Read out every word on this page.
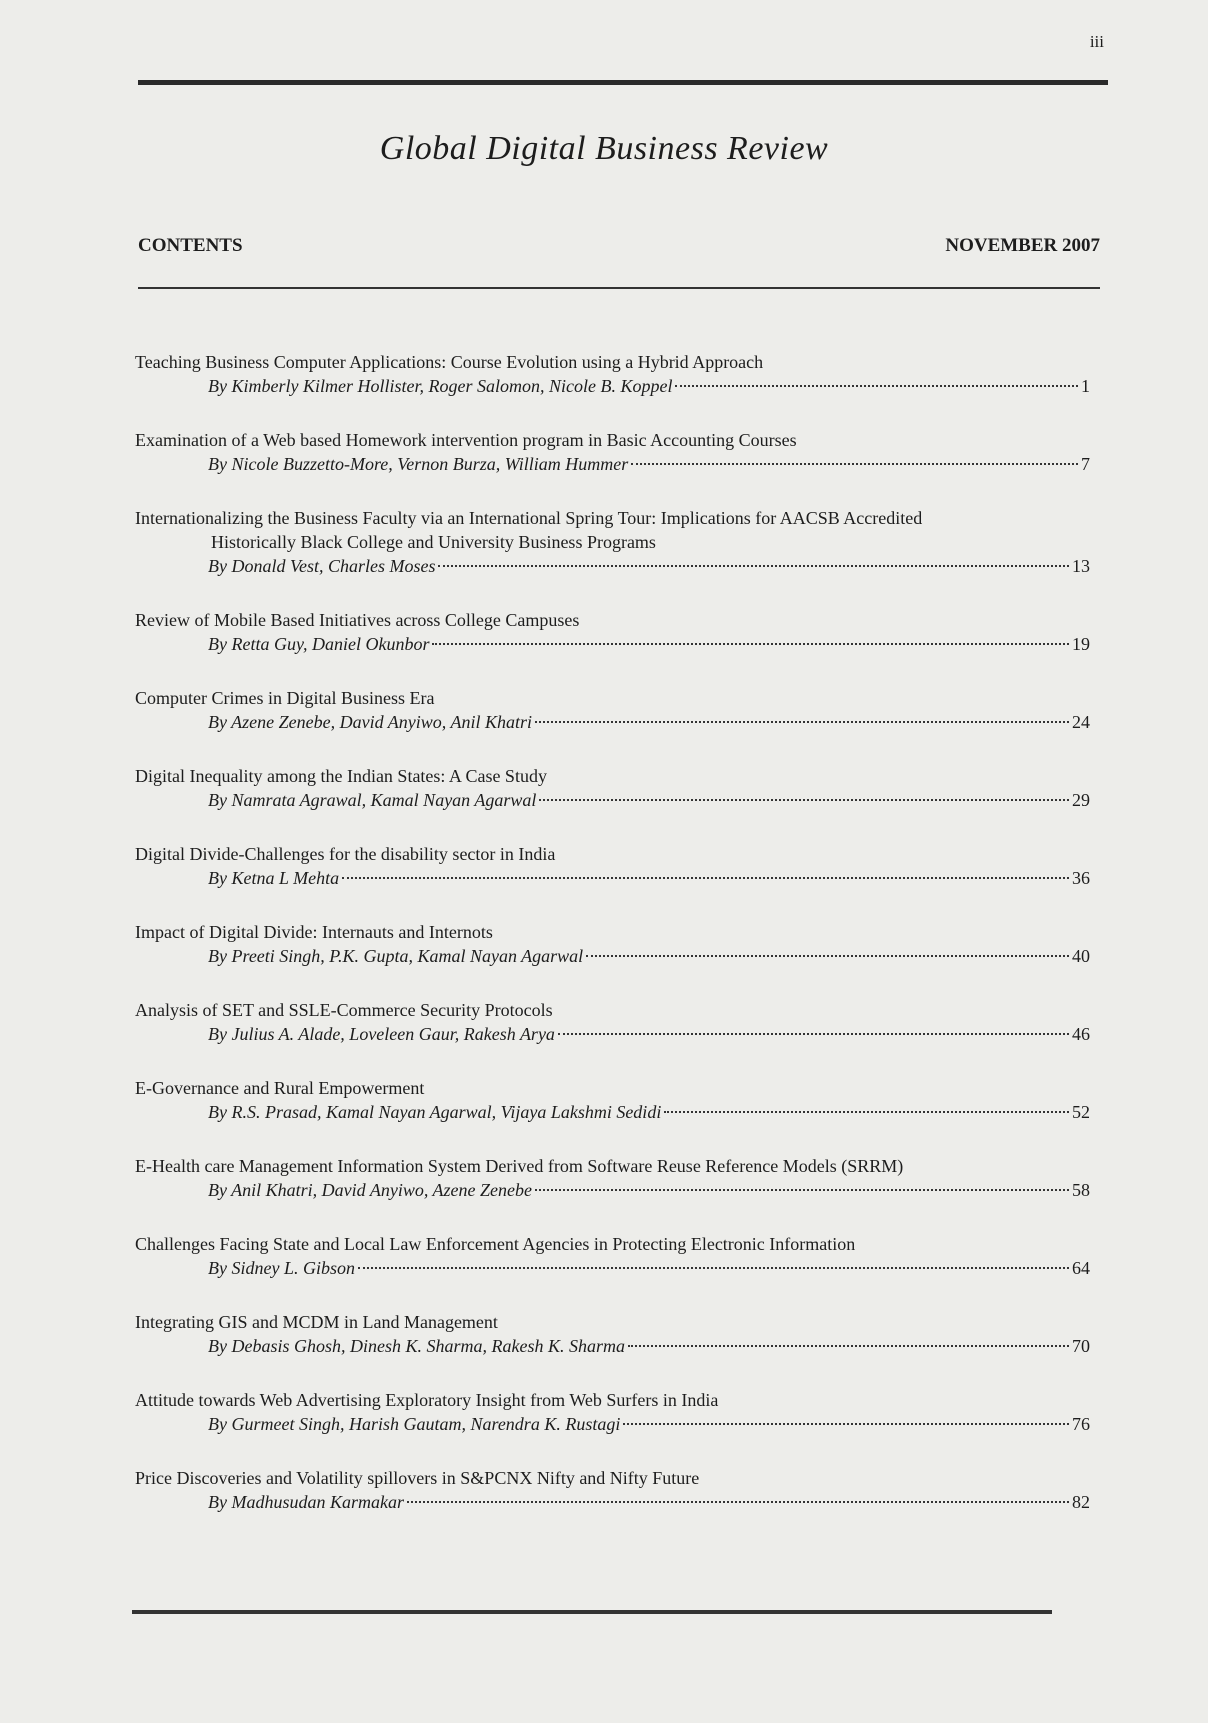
iii
Global Digital Business Review
CONTENTS	NOVEMBER 2007
Teaching Business Computer Applications: Course Evolution using a Hybrid Approach
By Kimberly Kilmer Hollister, Roger Salomon, Nicole B. Koppel	1
Examination of a Web based Homework intervention program in Basic Accounting Courses
By Nicole Buzzetto-More, Vernon Burza, William Hummer	7
Internationalizing the Business Faculty via an International Spring Tour: Implications for AACSB Accredited
Historically Black College and University Business Programs
By Donald Vest, Charles Moses	13
Review of Mobile Based Initiatives across College Campuses
By Retta Guy, Daniel Okunbor	19
Computer Crimes in Digital Business Era
By Azene Zenebe, David Anyiwo, Anil Khatri	24
Digital Inequality among the Indian States: A Case Study
By Namrata Agrawal, Kamal Nayan Agarwal	29
Digital Divide-Challenges for the disability sector in India
By Ketna L Mehta	36
Impact of Digital Divide: Internauts and Internots
By Preeti Singh, P.K. Gupta, Kamal Nayan Agarwal	40
Analysis of SET and SSLE-Commerce Security Protocols
By Julius A. Alade, Loveleen Gaur, Rakesh Arya	46
E-Governance and Rural Empowerment
By R.S. Prasad, Kamal Nayan Agarwal, Vijaya Lakshmi Sedidi	52
E-Health care Management Information System Derived from Software Reuse Reference Models (SRRM)
By Anil Khatri, David Anyiwo, Azene Zenebe	58
Challenges Facing State and Local Law Enforcement Agencies in Protecting Electronic Information
By Sidney L. Gibson	64
Integrating GIS and MCDM in Land Management
By Debasis Ghosh, Dinesh K. Sharma, Rakesh K. Sharma	70
Attitude towards Web Advertising Exploratory Insight from Web Surfers in India
By Gurmeet Singh, Harish Gautam, Narendra K. Rustagi	76
Price Discoveries and Volatility spillovers in S&PCNX Nifty and Nifty Future
By Madhusudan Karmakar	82
